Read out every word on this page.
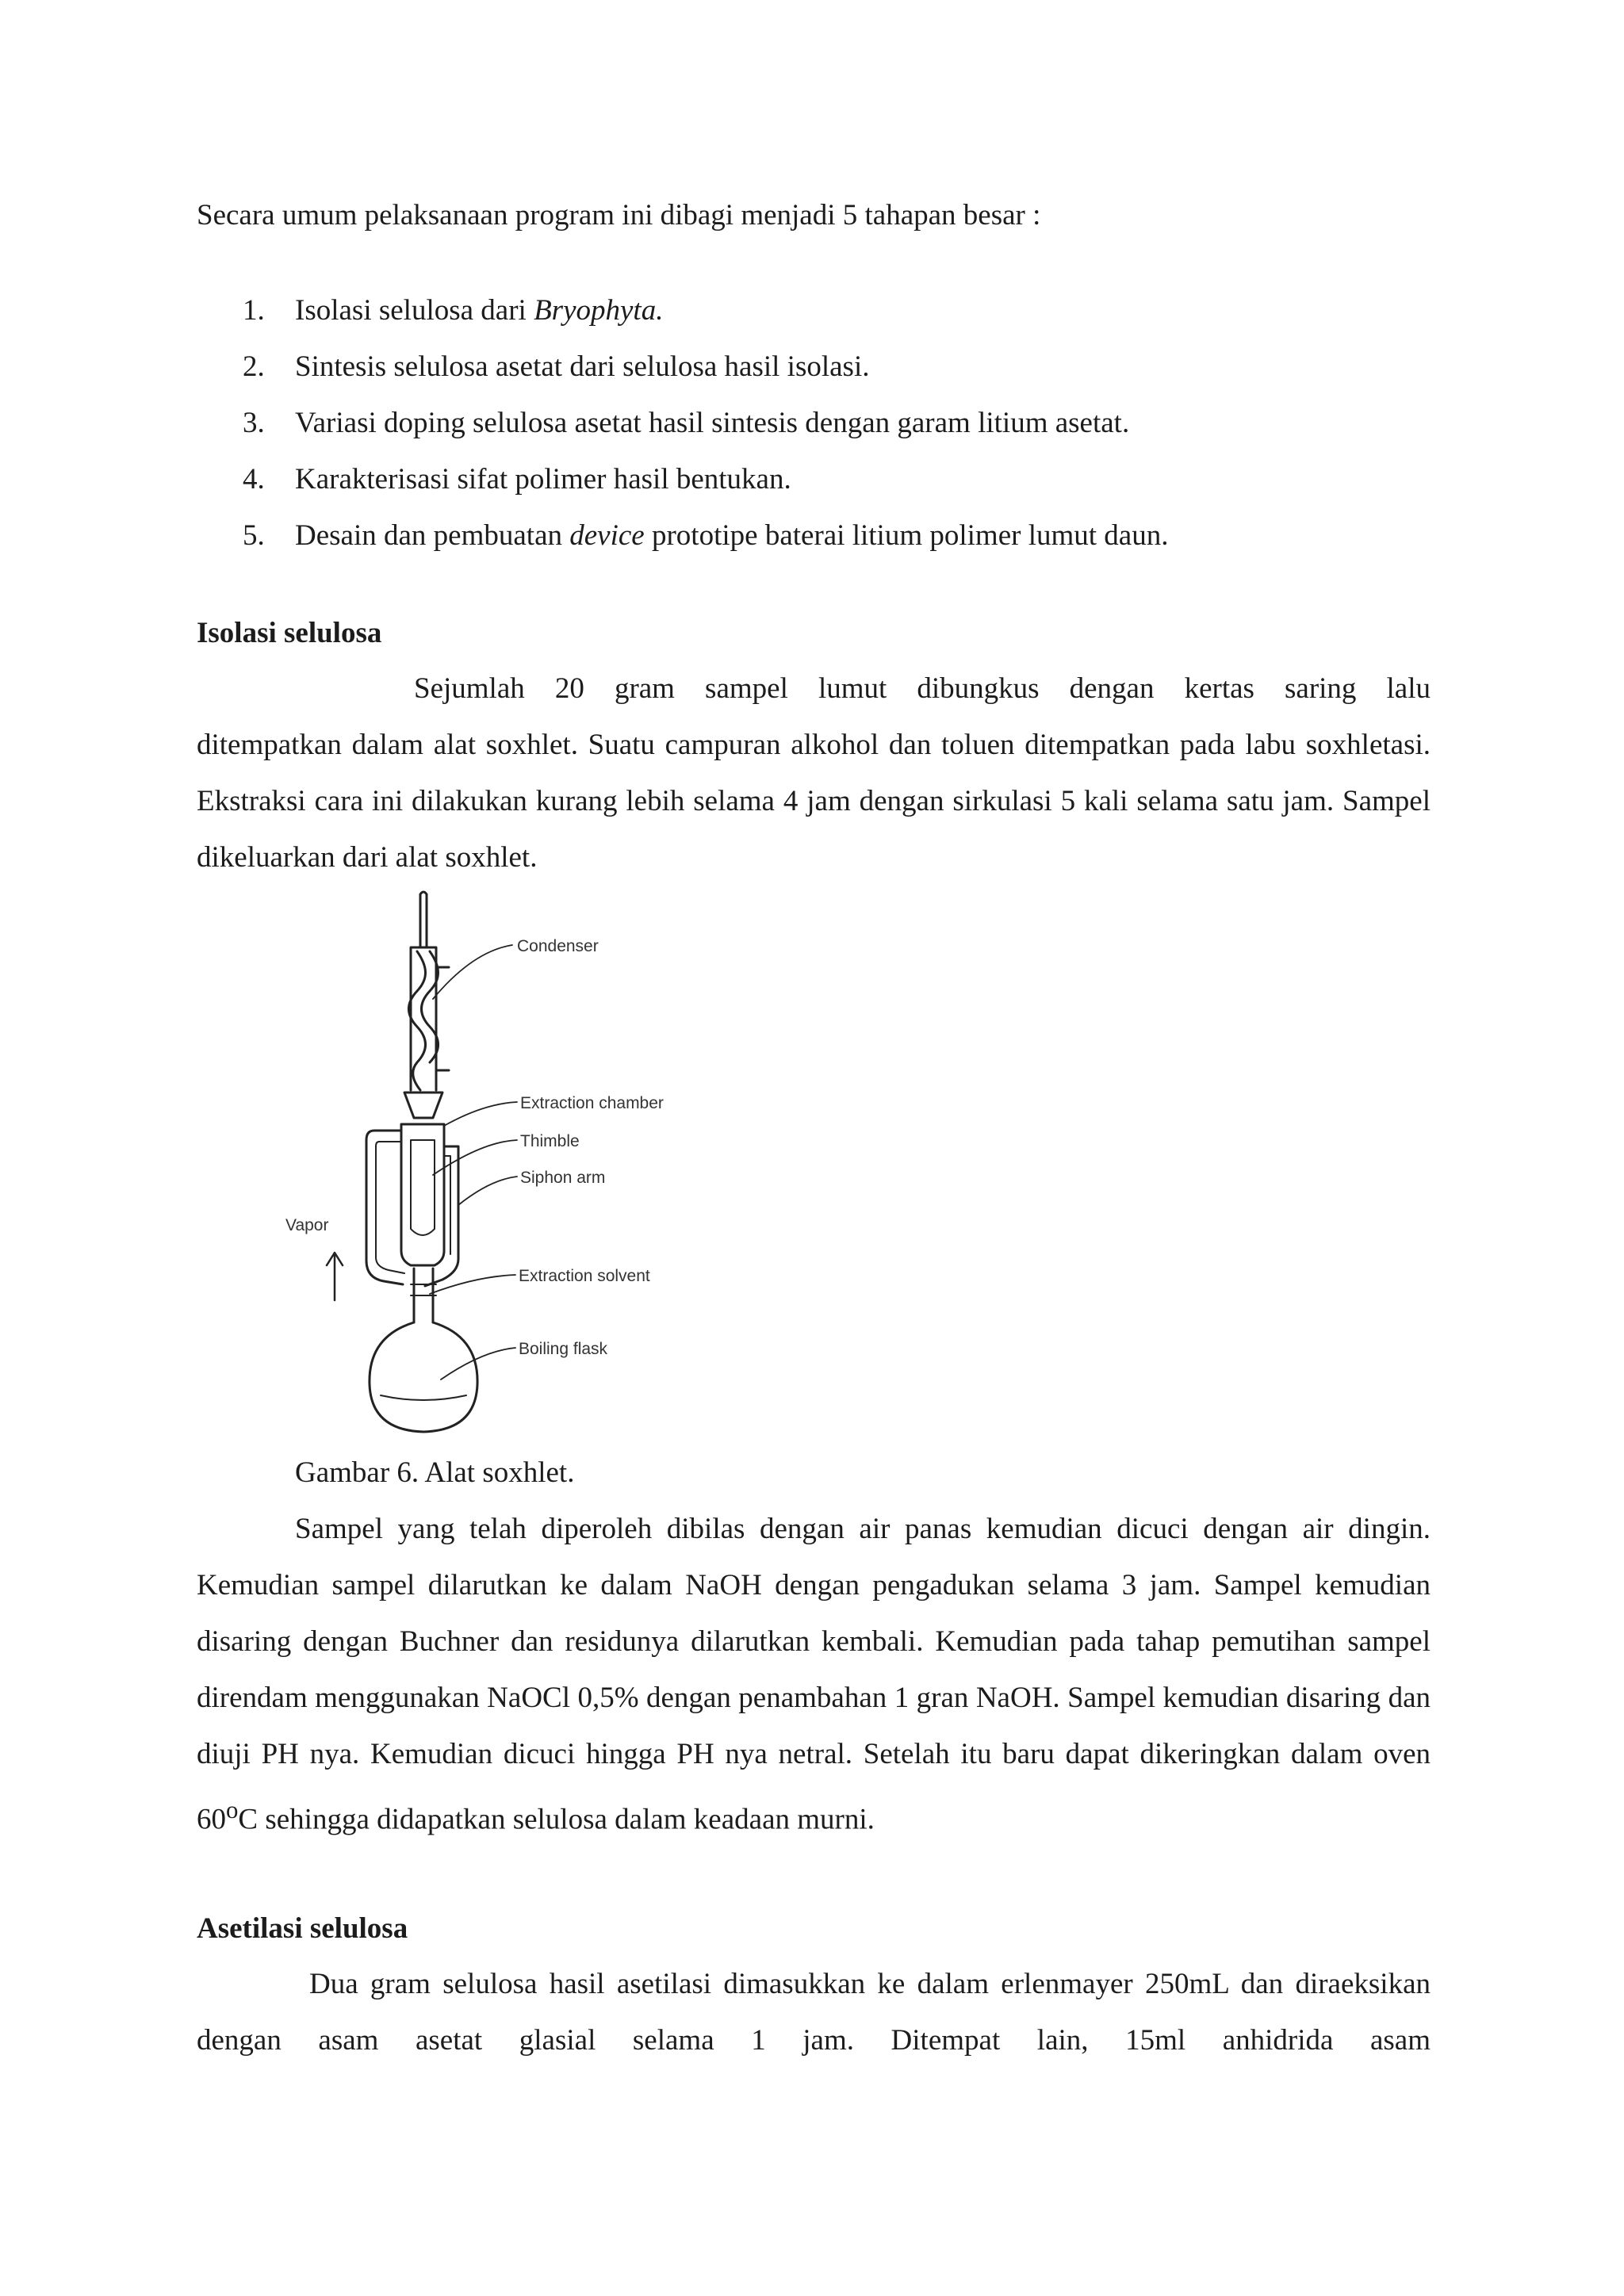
Secara umum pelaksanaan program ini dibagi menjadi 5 tahapan besar :
1.	Isolasi selulosa dari Bryophyta.
2.	Sintesis selulosa asetat dari selulosa hasil isolasi.
3.	Variasi doping selulosa asetat hasil sintesis dengan garam litium asetat.
4.	Karakterisasi sifat polimer hasil bentukan.
5.	Desain dan pembuatan device prototipe baterai litium polimer lumut daun.
Isolasi selulosa
Sejumlah 20 gram sampel lumut dibungkus dengan kertas saring lalu
ditempatkan dalam alat soxhlet. Suatu campuran alkohol dan toluen ditempatkan pada labu soxhletasi. Ekstraksi cara ini dilakukan kurang lebih selama 4 jam dengan sirkulasi 5 kali selama satu jam. Sampel dikeluarkan dari alat soxhlet.
Condenser
Extraction chamber
Thimble
Siphon arm
Vapor
Extraction solvent
Boiling flask
Gambar 6. Alat soxhlet.
Sampel yang telah diperoleh dibilas dengan air panas kemudian dicuci dengan air dingin. Kemudian sampel dilarutkan ke dalam NaOH dengan pengadukan selama 3 jam. Sampel kemudian disaring dengan Buchner dan residunya dilarutkan kembali. Kemudian pada tahap pemutihan sampel direndam menggunakan NaOCl 0,5% dengan penambahan 1 gran NaOH. Sampel kemudian disaring dan diuji PH nya. Kemudian dicuci hingga PH nya netral. Setelah itu baru dapat dikeringkan dalam oven 60$^o$C sehingga didapatkan selulosa dalam keadaan murni.
Asetilasi selulosa
Dua gram selulosa hasil asetilasi dimasukkan ke dalam erlenmayer 250mL dan diraeksikan dengan asam asetat glasial selama 1 jam. Ditempat lain, 15ml anhidrida asam
